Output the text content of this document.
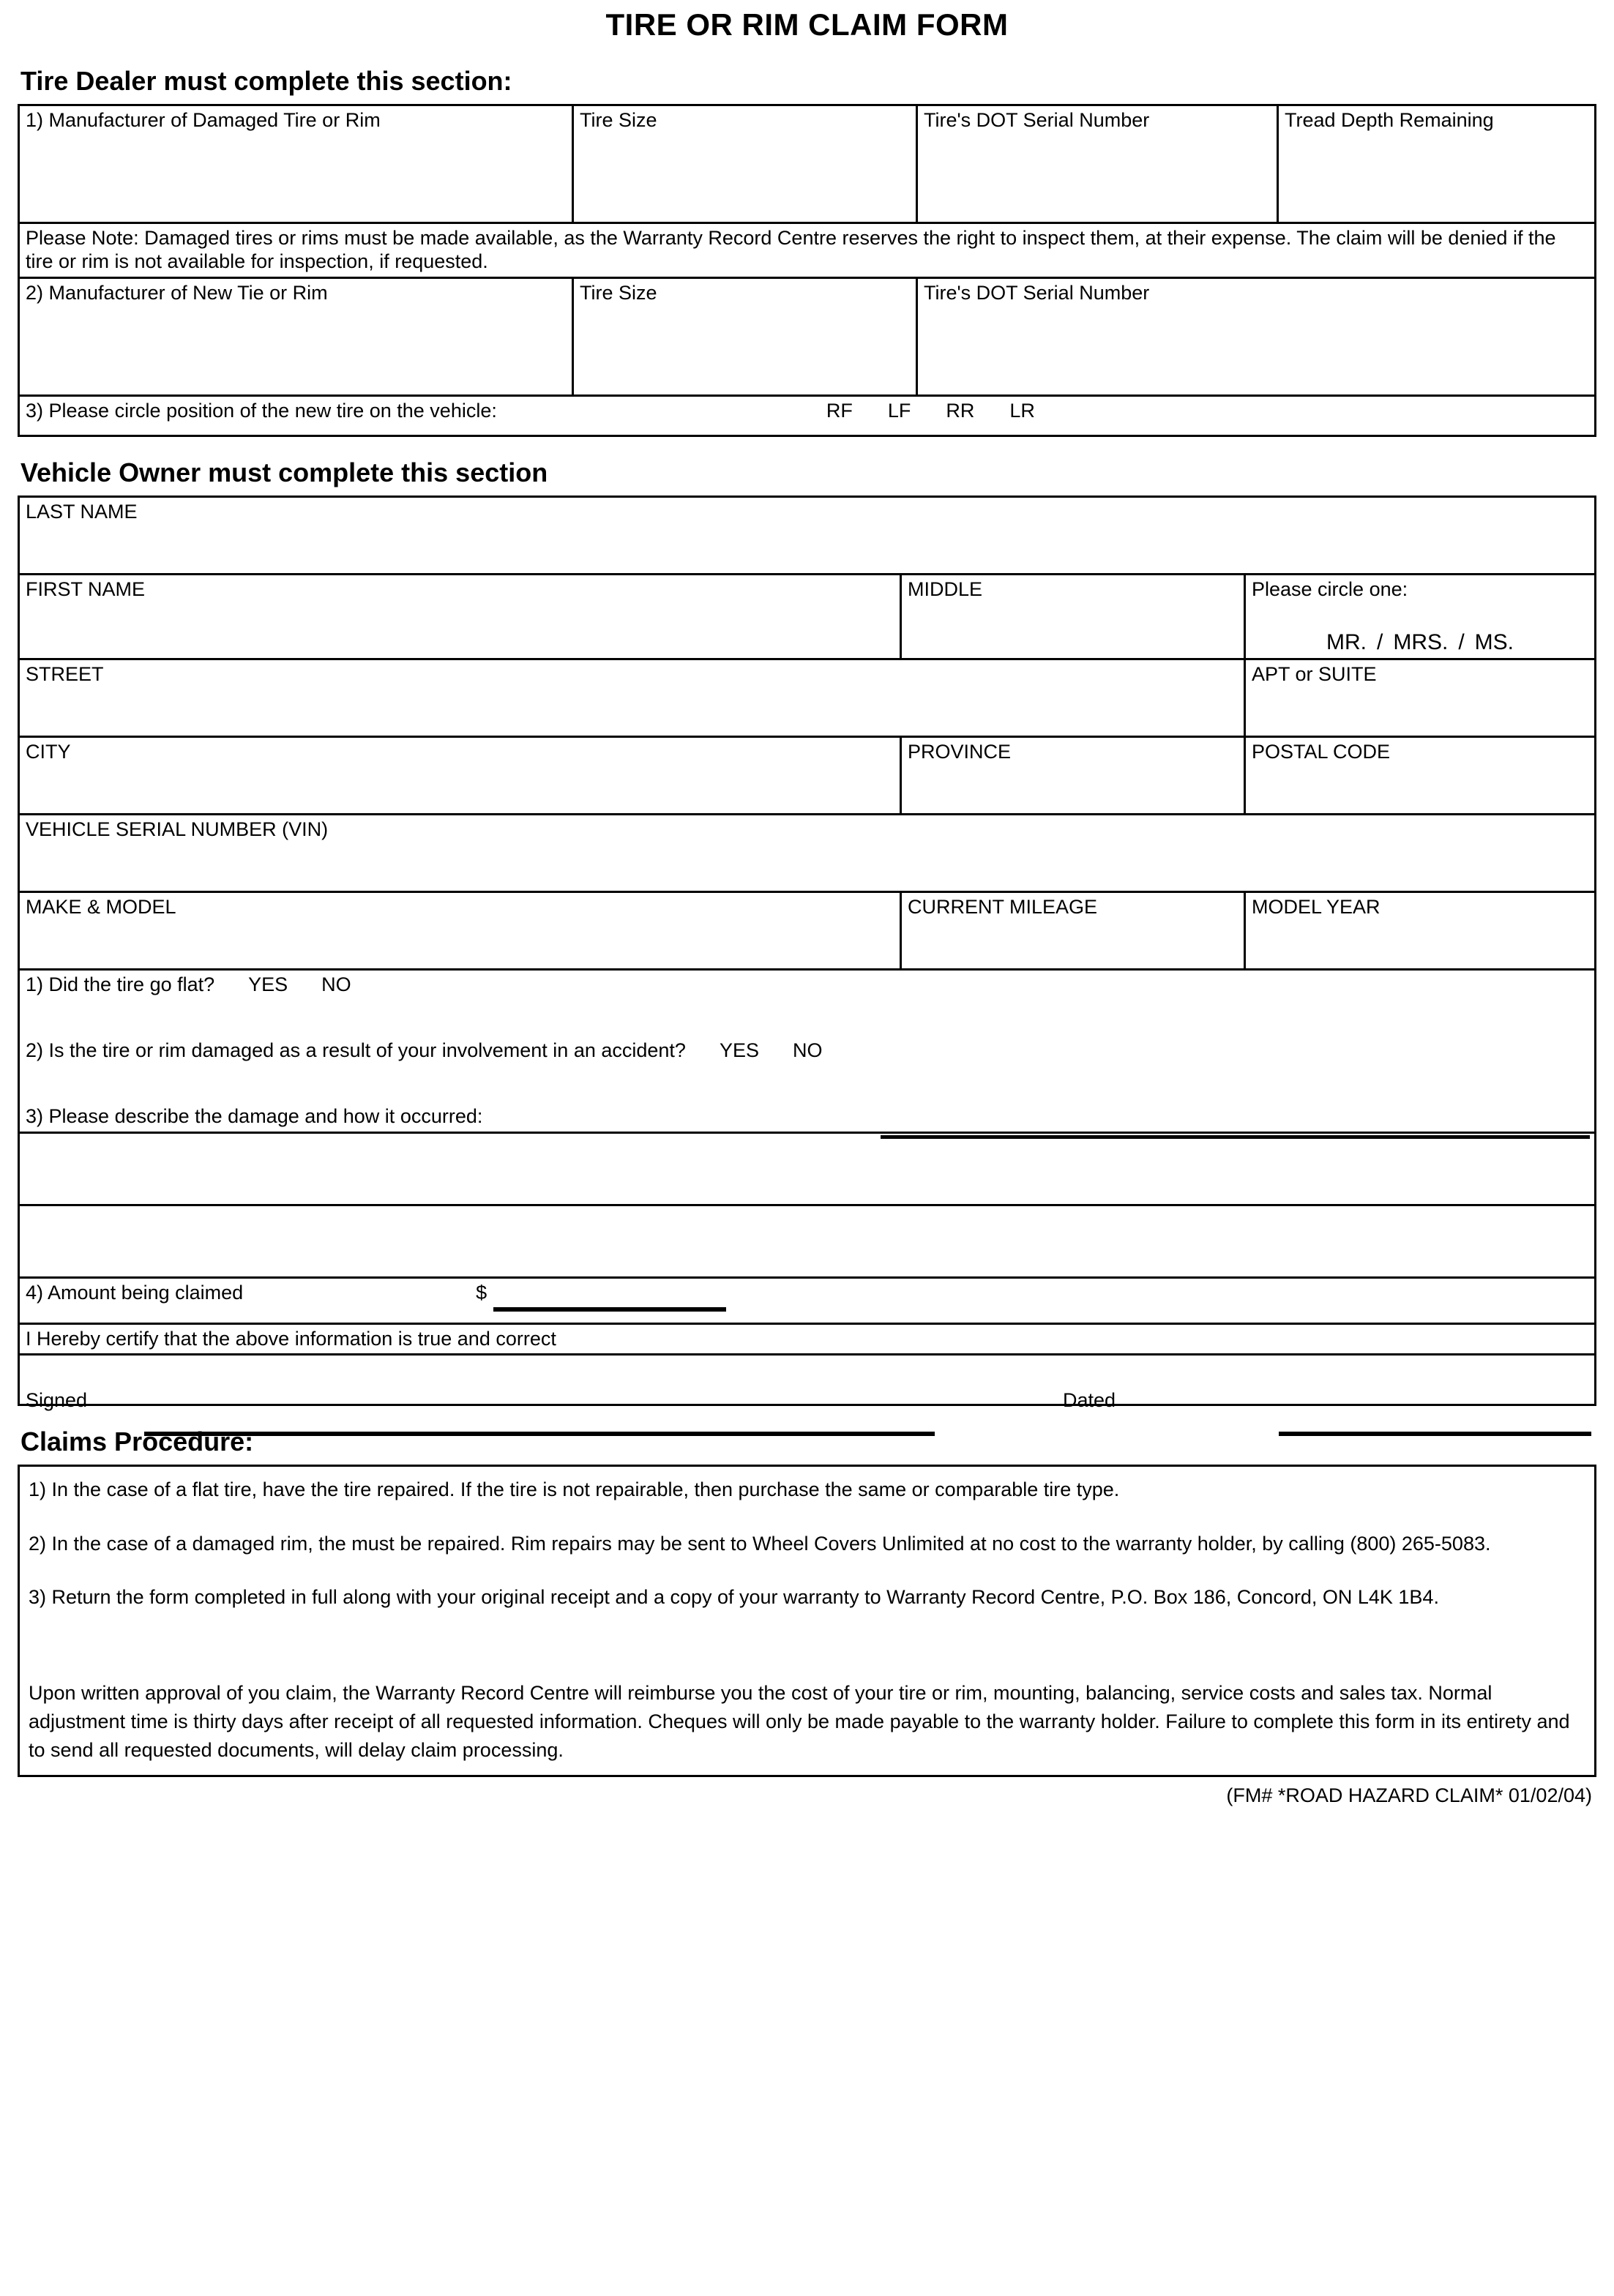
TIRE OR RIM CLAIM FORM
Tire Dealer must complete this section:
1) Manufacturer of Damaged Tire or Rim	Tire Size	Tire's DOT Serial Number	Tread Depth Remaining
Please Note: Damaged tires or rims must be made available, as the Warranty Record Centre reserves the right to inspect them, at their expense. The claim will be denied if the tire or rim is not available for inspection, if requested.			
2) Manufacturer of New Tie or Rim	Tire Size	Tire's DOT Serial Number	
3) Please circle position of the new tire on the vehicle: RF LF RR LR			
Vehicle Owner must complete this section
LAST NAME		
FIRST NAME	MIDDLE	Please circle one:
MR. / MRS. / MS.

STREET		APT or SUITE
CITY	PROVINCE	POSTAL CODE
VEHICLE SERIAL NUMBER (VIN)		
MAKE & MODEL	CURRENT MILEAGE	MODEL YEAR

1) Did the tire go flat? YES NO
2) Is the tire or rim damaged as a result of your involvement in an accident? YES NO
3) Please describe the damage and how it occurred:		

4) Amount being claimed $		

I Hereby certify that the above information is true and correct		

Signed Dated		
Claims Procedure:

1) In the case of a flat tire, have the tire repaired. If the tire is not repairable, then purchase the same or comparable tire type.

2) In the case of a damaged rim, the must be repaired. Rim repairs may be sent to Wheel Covers Unlimited at no cost to the warranty holder, by calling (800) 265-5083.

3) Return the form completed in full along with your original receipt and a copy of your warranty to Warranty Record Centre, P.O. Box 186, Concord, ON L4K 1B4.

Upon written approval of you claim, the Warranty Record Centre will reimburse you the cost of your tire or rim, mounting, balancing, service costs and sales tax. Normal adjustment time is thirty days after receipt of all requested information. Cheques will only be made payable to the warranty holder. Failure to complete this form in its entirety and to send all requested documents, will delay claim processing.

(FM# *ROAD HAZARD CLAIM* 01/02/04)
